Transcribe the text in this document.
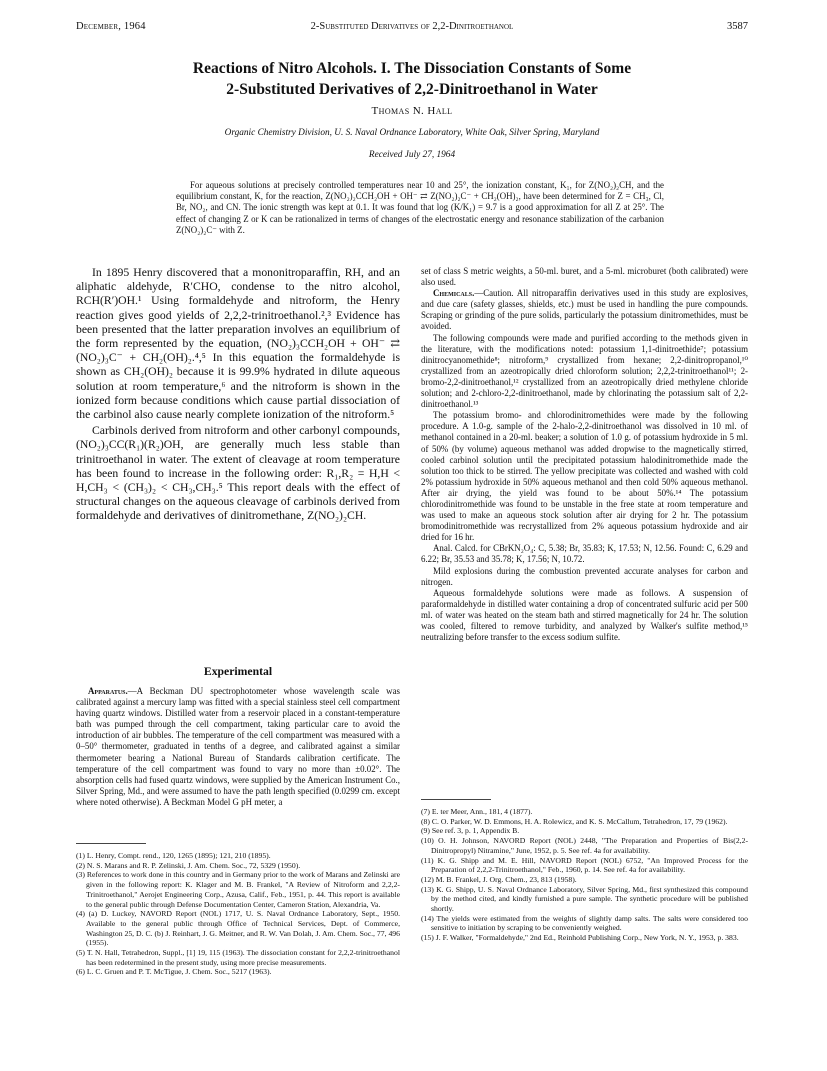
December, 1964	2-Substituted Derivatives of 2,2-Dinitroethanol	3587
Reactions of Nitro Alcohols. I. The Dissociation Constants of Some
2-Substituted Derivatives of 2,2-Dinitroethanol in Water
Thomas N. Hall
Organic Chemistry Division, U. S. Naval Ordnance Laboratory, White Oak, Silver Spring, Maryland
Received July 27, 1964

For aqueous solutions at precisely controlled temperatures near 10 and 25°, the ionization constant, K₁, for Z(NO₂)₂CH, and the equilibrium constant, K, for the reaction, Z(NO₂)₂CCH₂OH + OH⁻ ⇄ Z(NO₂)₂C⁻ + CH₂(OH)₂, have been determined for Z = CH₃, Cl, Br, NO₂, and CN. The ionic strength was kept at 0.1. It was found that log (K/K₁) = 9.7 is a good approximation for all Z at 25°. The effect of changing Z or K can be rationalized in terms of changes of the electrostatic energy and resonance stabilization of the carbanion Z(NO₂)₂C⁻ with Z.

In 1895 Henry discovered that a mononitroparaffin, RH, and an aliphatic aldehyde, R′CHO, condense to the nitro alcohol, RCH(R′)OH.¹ Using formaldehyde and nitroform, the Henry reaction gives good yields of 2,2,2-trinitroethanol.²,³ Evidence has been presented that the latter preparation involves an equilibrium of the form represented by the equation, (NO₂)₃CCH₂OH + OH⁻ ⇄ (NO₂)₃C⁻ + CH₂(OH)₂.⁴,⁵ In this equation the formaldehyde is shown as CH₂(OH)₂ because it is 99.9% hydrated in dilute aqueous solution at room temperature,⁶ and the nitroform is shown in the ionized form because conditions which cause partial dissociation of the carbinol also cause nearly complete ionization of the nitroform.⁵

Carbinols derived from nitroform and other carbonyl compounds, (NO₂)₃CC(R₁)(R₂)OH, are generally much less stable than trinitroethanol in water. The extent of cleavage at room temperature has been found to increase in the following order: R₁,R₂ = H,H < H,CH₃ < (CH₃)₂ < CH₃,CH₃.⁵ This report deals with the effect of structural changes on the aqueous cleavage of carbinols derived from formaldehyde and derivatives of dinitromethane, Z(NO₂)₂CH.

Experimental

Apparatus.—A Beckman DU spectrophotometer whose wavelength scale was calibrated against a mercury lamp was fitted with a special stainless steel cell compartment having quartz windows. Distilled water from a reservoir placed in a constant-temperature bath was pumped through the cell compartment, taking particular care to avoid the introduction of air bubbles. The temperature of the cell compartment was measured with a 0–50° thermometer, graduated in tenths of a degree, and calibrated against a similar thermometer bearing a National Bureau of Standards calibration certificate. The temperature of the cell compartment was found to vary no more than ±0.02°. The absorption cells had fused quartz windows, were supplied by the American Instrument Co., Silver Spring, Md., and were assumed to have the path length specified (0.0299 cm. except where noted otherwise). A Beckman Model G pH meter, a

(1) L. Henry, Compt. rend., 120, 1265 (1895); 121, 210 (1895).

(2) N. S. Marans and R. P. Zelinski, J. Am. Chem. Soc., 72, 5329 (1950).

(3) References to work done in this country and in Germany prior to the work of Marans and Zelinski are given in the following report: K. Klager and M. B. Frankel, "A Review of Nitroform and 2,2,2-Trinitroethanol," Aerojet Engineering Corp., Azusa, Calif., Feb., 1951, p. 44. This report is available to the general public through Defense Documentation Center, Cameron Station, Alexandria, Va.

(4) (a) D. Luckey, NAVORD Report (NOL) 1717, U. S. Naval Ordnance Laboratory, Sept., 1950. Available to the general public through Office of Technical Services, Dept. of Commerce, Washington 25, D. C. (b) J. Reinhart, J. G. Meitner, and R. W. Van Dolah, J. Am. Chem. Soc., 77, 496 (1955).

(5) T. N. Hall, Tetrahedron, Suppl., [1] 19, 115 (1963). The dissociation constant for 2,2,2-trinitroethanol has been redetermined in the present study, using more precise measurements.

(6) L. C. Gruen and P. T. McTigue, J. Chem. Soc., 5217 (1963).

set of class S metric weights, a 50-ml. buret, and a 5-ml. microburet (both calibrated) were also used.

Chemicals.—Caution. All nitroparaffin derivatives used in this study are explosives, and due care (safety glasses, shields, etc.) must be used in handling the pure compounds. Scraping or grinding of the pure solids, particularly the potassium dinitromethides, must be avoided.

The following compounds were made and purified according to the methods given in the literature, with the modifications noted: potassium 1,1-dinitroethide⁷; potassium dinitrocyanomethide⁸; nitroform,⁹ crystallized from hexane; 2,2-dinitropropanol,¹⁰ crystallized from an azeotropically dried chloroform solution; 2,2,2-trinitroethanol¹¹; 2-bromo-2,2-dinitroethanol,¹² crystallized from an azeotropically dried methylene chloride solution; and 2-chloro-2,2-dinitroethanol, made by chlorinating the potassium salt of 2,2-dinitroethanol.¹³

The potassium bromo- and chlorodinitromethides were made by the following procedure. A 1.0-g. sample of the 2-halo-2,2-dinitroethanol was dissolved in 10 ml. of methanol contained in a 20-ml. beaker; a solution of 1.0 g. of potassium hydroxide in 5 ml. of 50% (by volume) aqueous methanol was added dropwise to the magnetically stirred, cooled carbinol solution until the precipitated potassium halodinitromethide made the solution too thick to be stirred. The yellow precipitate was collected and washed with cold 2% potassium hydroxide in 50% aqueous methanol and then cold 50% aqueous methanol. After air drying, the yield was found to be about 50%.¹⁴ The potassium chlorodinitromethide was found to be unstable in the free state at room temperature and was used to make an aqueous stock solution after air drying for 2 hr. The potassium bromodinitromethide was recrystallized from 2% aqueous potassium hydroxide and air dried for 16 hr.

Anal. Calcd. for CBrKN₂O₄: C, 5.38; Br, 35.83; K, 17.53; N, 12.56. Found: C, 6.29 and 6.22; Br, 35.53 and 35.78; K, 17.56; N, 10.72.

Mild explosions during the combustion prevented accurate analyses for carbon and nitrogen.

Aqueous formaldehyde solutions were made as follows. A suspension of paraformaldehyde in distilled water containing a drop of concentrated sulfuric acid per 500 ml. of water was heated on the steam bath and stirred magnetically for 24 hr. The solution was cooled, filtered to remove turbidity, and analyzed by Walker's sulfite method,¹⁵ neutralizing before transfer to the excess sodium sulfite.

(7) E. ter Meer, Ann., 181, 4 (1877).

(8) C. O. Parker, W. D. Emmons, H. A. Rolewicz, and K. S. McCallum, Tetrahedron, 17, 79 (1962).

(9) See ref. 3, p. 1, Appendix B.

(10) O. H. Johnson, NAVORD Report (NOL) 2448, "The Preparation and Properties of Bis(2,2-Dinitropropyl) Nitramine," June, 1952, p. 5. See ref. 4a for availability.

(11) K. G. Shipp and M. E. Hill, NAVORD Report (NOL) 6752, "An Improved Process for the Preparation of 2,2,2-Trinitroethanol," Feb., 1960, p. 14. See ref. 4a for availability.

(12) M. B. Frankel, J. Org. Chem., 23, 813 (1958).

(13) K. G. Shipp, U. S. Naval Ordnance Laboratory, Silver Spring, Md., first synthesized this compound by the method cited, and kindly furnished a pure sample. The synthetic procedure will be published shortly.

(14) The yields were estimated from the weights of slightly damp salts. The salts were considered too sensitive to initiation by scraping to be conveniently weighed.

(15) J. F. Walker, "Formaldehyde," 2nd Ed., Reinhold Publishing Corp., New York, N. Y., 1953, p. 383.
